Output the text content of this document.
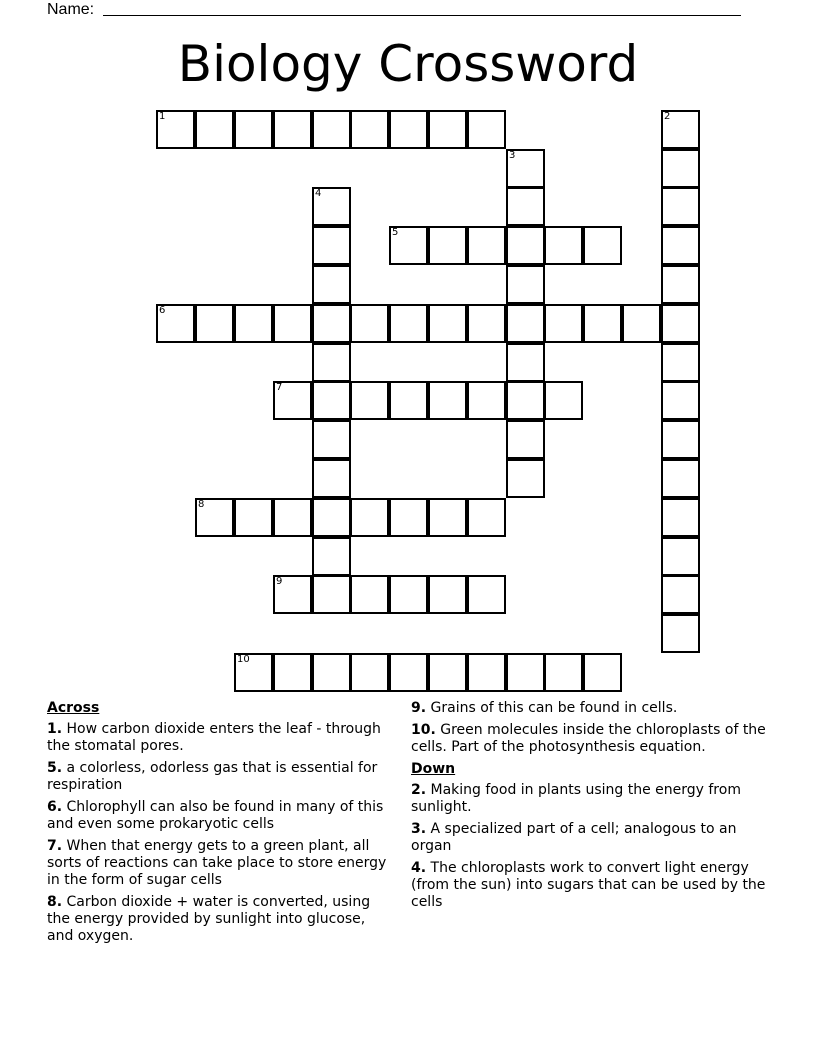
Name:
Biology Crossword
1	2
3
4
5
6
7
8
9
10
Across
1. How carbon dioxide enters the leaf - through the stomatal pores.
5. a colorless, odorless gas that is essential for respiration
6. Chlorophyll can also be found in many of this and even some prokaryotic cells
7. When that energy gets to a green plant, all sorts of reactions can take place to store energy in the form of sugar cells
8. Carbon dioxide + water is converted, using the energy provided by sunlight into glucose, and oxygen.
9. Grains of this can be found in cells.
10. Green molecules inside the chloroplasts of the cells. Part of the photosynthesis equation.
Down
2. Making food in plants using the energy from sunlight.
3. A specialized part of a cell; analogous to an organ
4. The chloroplasts work to convert light energy (from the sun) into sugars that can be used by the cells
